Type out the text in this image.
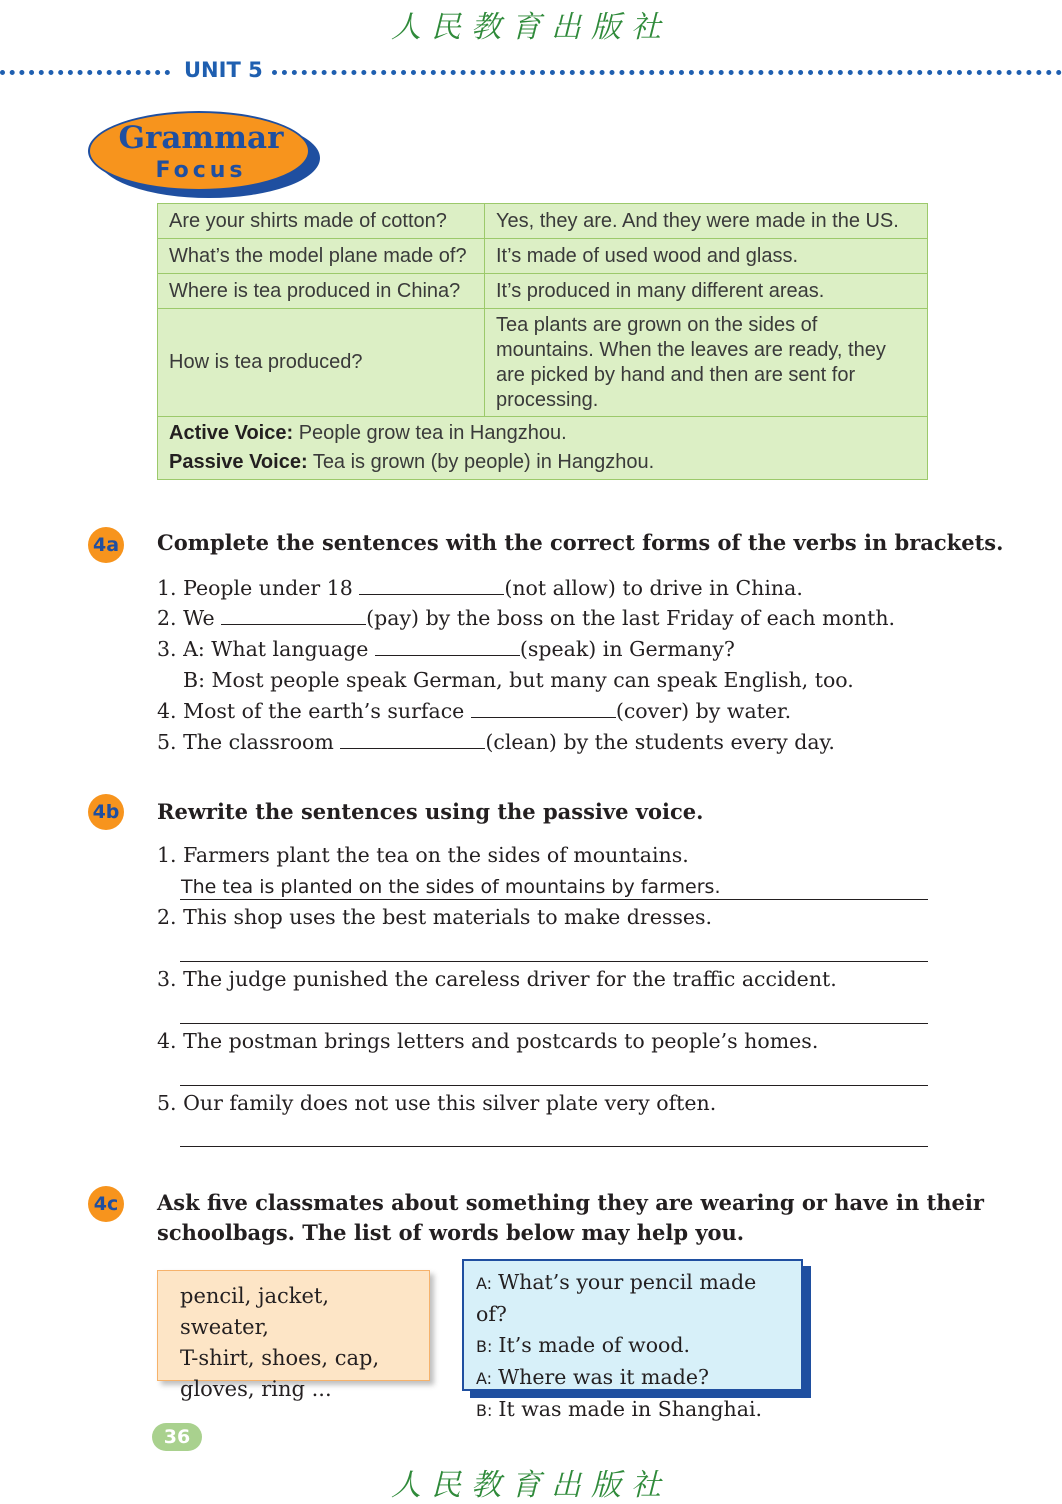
人民教育出版社
UNIT 5
Grammar
Focus
Are your shirts made of cotton?	Yes, they are. And they were made in the US.
What’s the model plane made of?	It’s made of used wood and glass.
Where is tea produced in China?	It’s produced in many different areas.
How is tea produced?	Tea plants are grown on the sides of mountains. When the leaves are ready, they are picked by hand and then are sent for processing.
Active Voice: People grow tea in Hangzhou.
Passive Voice: Tea is grown (by people) in Hangzhou.	
4a Complete the sentences with the correct forms of the verbs in brackets.
1. People under 18	(not allow) to drive in China.
2. We	(pay) by the boss on the last Friday of each month.
3. A: What language	(speak) in Germany?
B: Most people speak German, but many can speak English, too.
4. Most of the earth’s surface	(cover) by water.
5. The classroom	(clean) by the students every day.
4b Rewrite the sentences using the passive voice.
1. Farmers plant the tea on the sides of mountains.
The tea is planted on the sides of mountains by farmers.
2. This shop uses the best materials to make dresses.
3. The judge punished the careless driver for the traffic accident.
4. The postman brings letters and postcards to people’s homes.
5. Our family does not use this silver plate very often.
4c Ask five classmates about something they are wearing or have in their
schoolbags. The list of words below may help you.
pencil, jacket, sweater,
T-shirt, shoes, cap,
gloves, ring ...
A: What’s your pencil made of?
B: It’s made of wood.
A: Where was it made?
B: It was made in Shanghai.
36
人民教育出版社
